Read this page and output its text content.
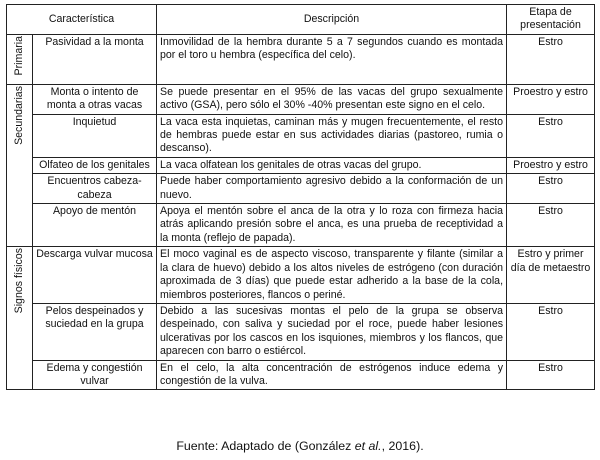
Característica		Descripción	Etapa de presentación
Primaria	Pasividad a la monta	Inmovilidad de la hembra durante 5 a 7 segundos cuando es montada por el toro u hembra (específica del celo).	Estro
Secundarias	Monta o intento de monta a otras vacas	Se puede presentar en el 95% de las vacas del grupo sexualmente activo (GSA), pero sólo el 30% -40% presentan este signo en el celo.	Proestro y estro
	Inquietud	La vaca esta inquietas, caminan más y mugen frecuentemente, el resto de hembras puede estar en sus actividades diarias (pastoreo, rumia o descanso).	Estro
	Olfateo de los genitales	La vaca olfatean los genitales de otras vacas del grupo.	Proestro y estro
	Encuentros cabeza-cabeza	Puede haber comportamiento agresivo debido a la conformación de un nuevo.	Estro
	Apoyo de mentón	Apoya el mentón sobre el anca de la otra y lo roza con firmeza hacia atrás aplicando presión sobre el anca, es una prueba de receptividad a la monta (reflejo de papada).	Estro
Signos físicos	Descarga vulvar mucosa	El moco vaginal es de aspecto viscoso, transparente y filante (similar a la clara de huevo) debido a los altos niveles de estrógeno (con duración aproximada de 3 días) que puede estar adherido a la base de la cola, miembros posteriores, flancos o periné.	Estro y primer día de metaestro
	Pelos despeinados y suciedad en la grupa	Debido a las sucesivas montas el pelo de la grupa se observa despeinado, con saliva y suciedad por el roce, puede haber lesiones ulcerativas por los cascos en los isquiones, miembros y los flancos, que aparecen con barro o estiércol.	Estro
	Edema y congestión vulvar	En el celo, la alta concentración de estrógenos induce edema y congestión de la vulva.	Estro
Fuente: Adaptado de (González et al., 2016).
